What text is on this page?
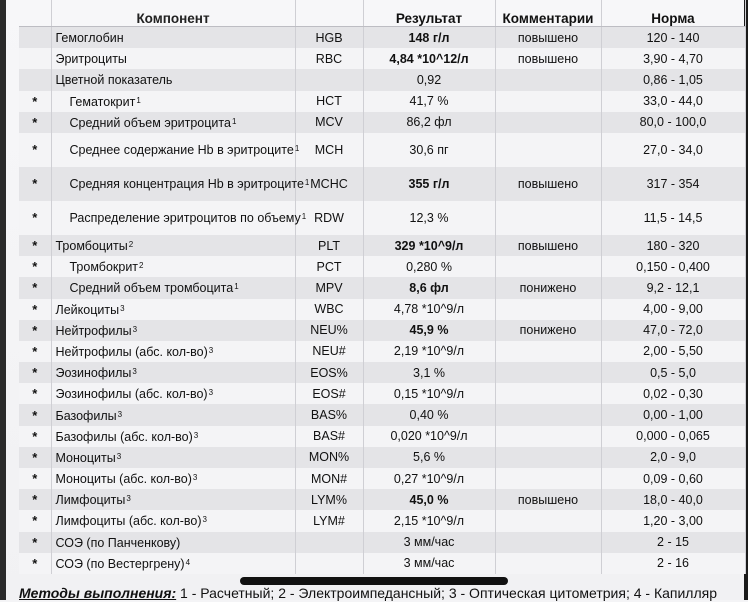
	Компонент		Результат	Комментарии	Норма
	Гемоглобин	HGB	148 г/л	повышено	120 - 140
	Эритроциты	RBC	4,84 *10^12/л	повышено	3,90 - 4,70
	Цветной показатель		0,92		0,86 - 1,05
*	Гематокрит$^1$	HCT	41,7 %		33,0 - 44,0
*	Средний объем эритроцита$^1$	MCV	86,2 фл		80,0 - 100,0
*	Среднее содержание Hb в эритроците$^1$	MCH	30,6 пг		27,0 - 34,0
*	Средняя концентрация Hb в эритроците$^1$	MCHC	355 г/л	повышено	317 - 354
*	Распределение эритроцитов по объему$^1$	RDW	12,3 %		11,5 - 14,5
*	Тромбоциты$^2$	PLT	329 *10^9/л	повышено	180 - 320
*	Тромбокрит$^2$	PCT	0,280 %		0,150 - 0,400
*	Средний объем тромбоцита$^1$	MPV	8,6 фл	понижено	9,2 - 12,1
*	Лейкоциты$^3$	WBC	4,78 *10^9/л		4,00 - 9,00
*	Нейтрофилы$^3$	NEU%	45,9 %	понижено	47,0 - 72,0
*	Нейтрофилы (абс. кол-во)$^3$	NEU#	2,19 *10^9/л		2,00 - 5,50
*	Эозинофилы$^3$	EOS%	3,1 %		0,5 - 5,0
*	Эозинофилы (абс. кол-во)$^3$	EOS#	0,15 *10^9/л		0,02 - 0,30
*	Базофилы$^3$	BAS%	0,40 %		0,00 - 1,00
*	Базофилы (абс. кол-во)$^3$	BAS#	0,020 *10^9/л		0,000 - 0,065
*	Моноциты$^3$	MON%	5,6 %		2,0 - 9,0
*	Моноциты (абс. кол-во)$^3$	MON#	0,27 *10^9/л		0,09 - 0,60
*	Лимфоциты$^3$	LYM%	45,0 %	повышено	18,0 - 40,0
*	Лимфоциты (абс. кол-во)$^3$	LYM#	2,15 *10^9/л		1,20 - 3,00
*	СОЭ (по Панченкову)		3 мм/час		2 - 15
*	СОЭ (по Вестергрену)$^4$		3 мм/час		2 - 16
Методы выполнения: 1 - Расчетный; 2 - Электроимпедансный; 3 - Оптическая цитометрия; 4 - Капилляр
